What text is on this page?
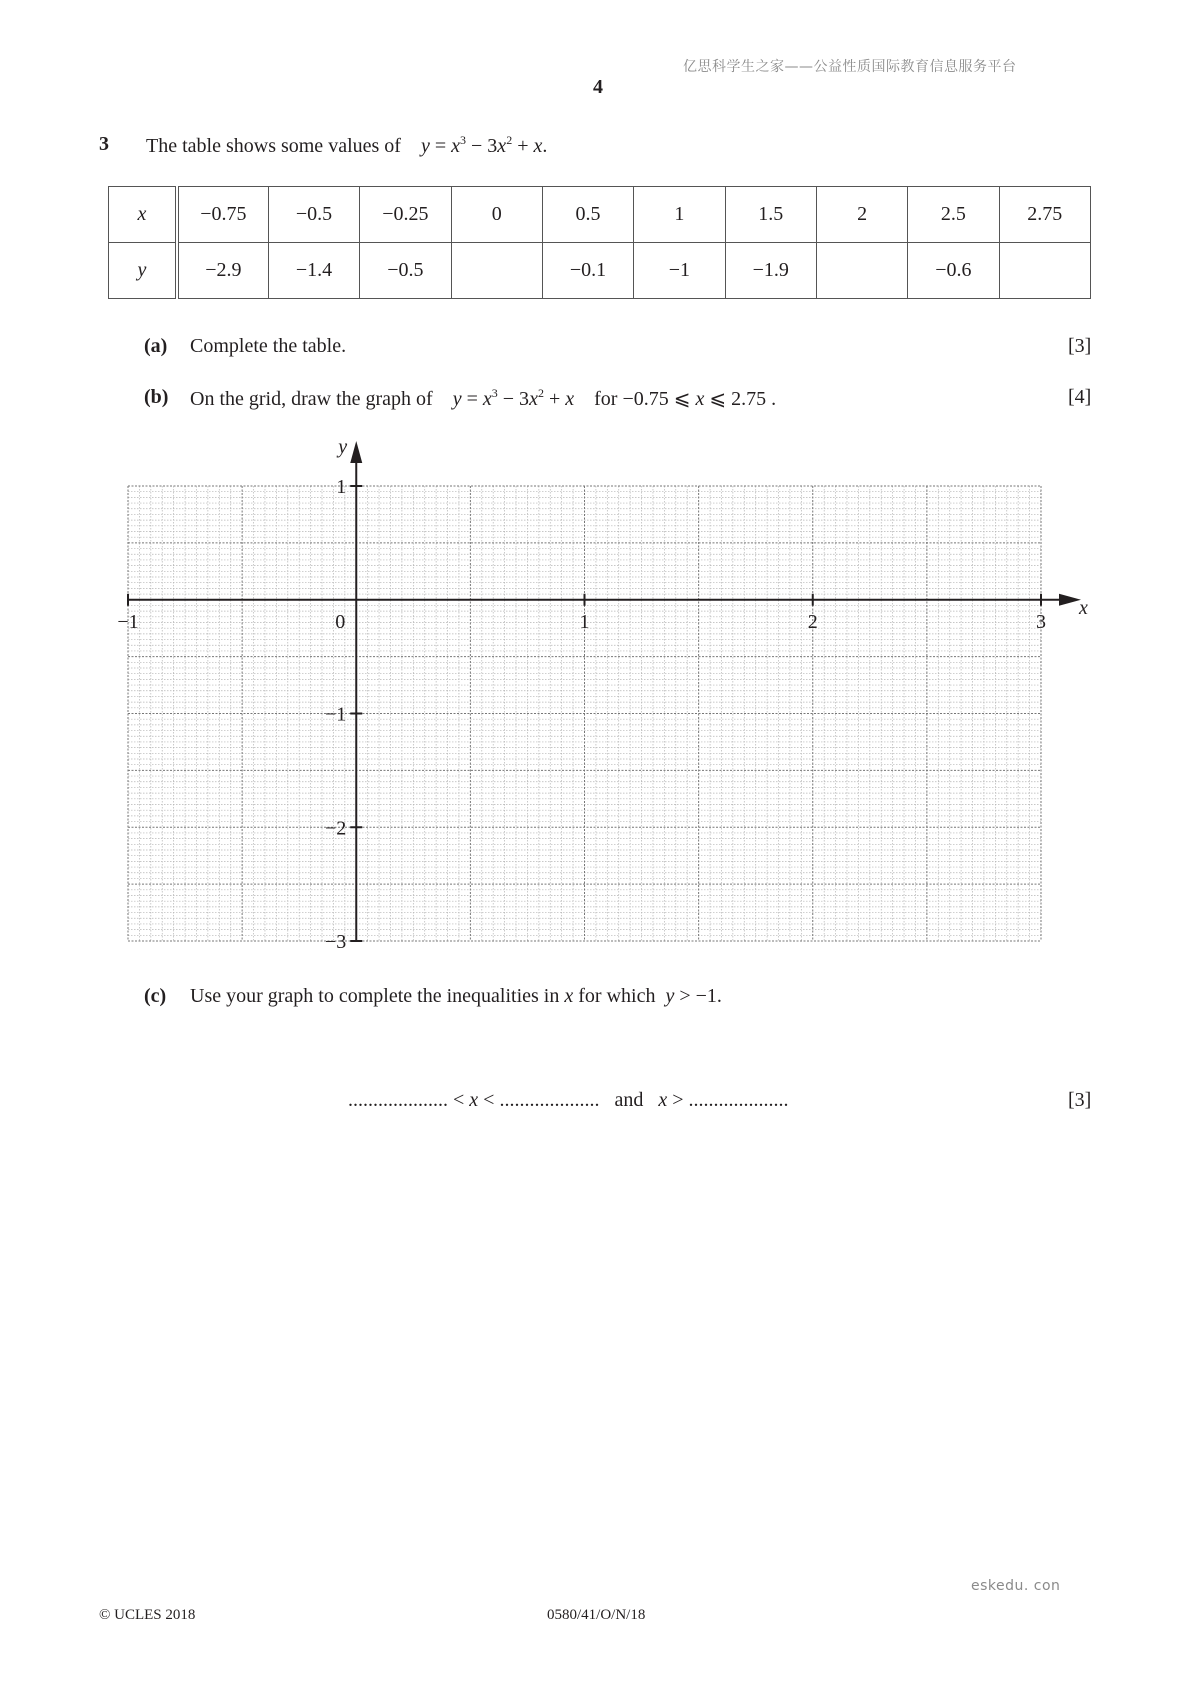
亿思科学生之家——公益性质国际教育信息服务平台
4
3 The table shows some values of $y = x^3 - 3x^2 + x$.
x	−0.75	−0.5	−0.25	0	0.5	1	1.5	2	2.5	2.75
y	−2.9	−1.4	−0.5		−0.1	−1	−1.9		−0.6	
(a) Complete the table.	[3]
(b) On the grid, draw the graph of $y = x^3 - 3x^2 + x$ for −0.75 ⩽ x ⩽ 2.75 .	[4]
x
y
−1	0	1	2	3
1
−1
−2
−3
(c) Use your graph to complete the inequalities in x for which y > −1.
.................... < x < .................... and x > ....................	[3]
eskedu. con
© UCLES 2018	0580/41/O/N/18
